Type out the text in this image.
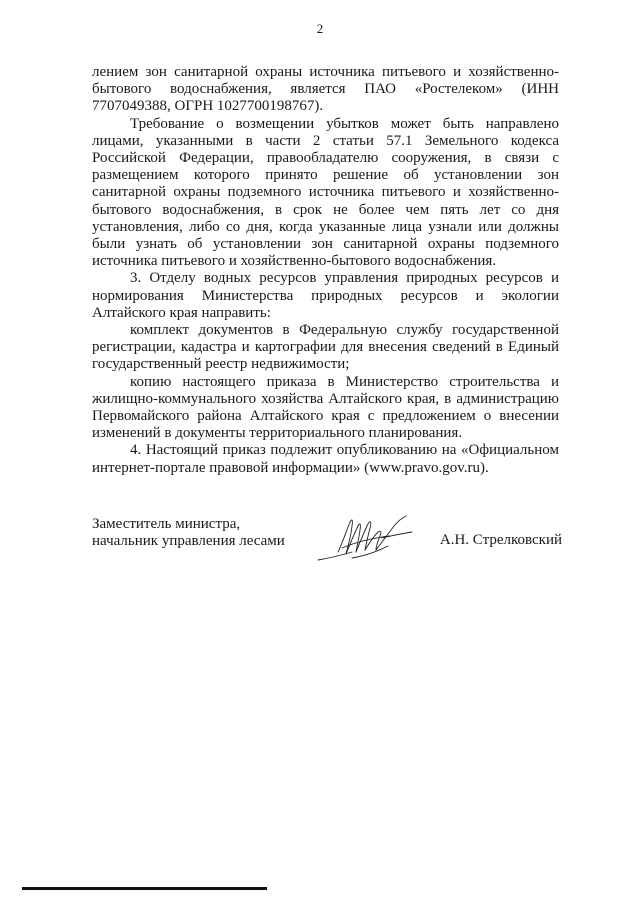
2

лением зон санитарной охраны источника питьевого и хозяйственно-бытового водоснабжения, является ПАО «Ростелеком» (ИНН 7707049388, ОГРН 1027700198767).

Требование о возмещении убытков может быть направлено лицами, указанными в части 2 статьи 57.1 Земельного кодекса Российской Федерации, правообладателю сооружения, в связи с размещением которого принято решение об установлении зон санитарной охраны подземного источника питьевого и хозяйственно-бытового водоснабжения, в срок не более чем пять лет со дня установления, либо со дня, когда указанные лица узнали или должны были узнать об установлении зон санитарной охраны подземного источника питьевого и хозяйственно-бытового водоснабжения.

3. Отделу водных ресурсов управления природных ресурсов и нормирования Министерства природных ресурсов и экологии Алтайского края направить:

комплект документов в Федеральную службу государственной регистрации, кадастра и картографии для внесения сведений в Единый государственный реестр недвижимости;

копию настоящего приказа в Министерство строительства и жилищно-коммунального хозяйства Алтайского края, в администрацию Первомайского района Алтайского края с предложением о внесении изменений в документы территориального планирования.

4. Настоящий приказ подлежит опубликованию на «Официальном интернет-портале правовой информации» (www.pravo.gov.ru).

Заместитель министра,
начальник управления лесами	А.Н. Стрелковский
